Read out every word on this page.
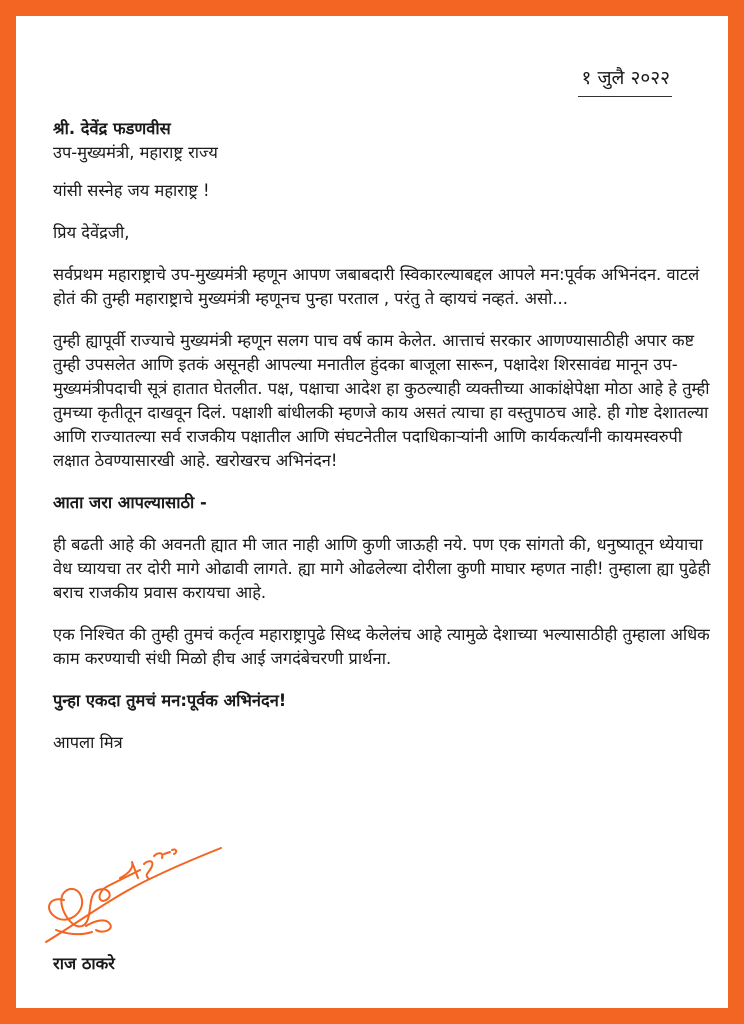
१ जुलै २०२२

श्री. देवेंद्र फडणवीस

उप-मुख्यमंत्री, महाराष्ट्र राज्य

यांसी सस्नेह जय महाराष्ट्र !

प्रिय देवेंद्रजी,

सर्वप्रथम महाराष्ट्राचे उप-मुख्यमंत्री म्हणून आपण जबाबदारी स्विकारल्याबद्दल आपले मन:पूर्वक अभिनंदन. वाटलं होतं की तुम्ही महाराष्ट्राचे मुख्यमंत्री म्हणूनच पुन्हा परताल , परंतु ते व्हायचं नव्हतं. असो...

तुम्ही ह्यापूर्वी राज्याचे मुख्यमंत्री म्हणून सलग पाच वर्ष काम केलेत. आत्ताचं सरकार आणण्यासाठीही अपार कष्ट तुम्ही उपसलेत आणि इतकं असूनही आपल्या मनातील हुंदका बाजूला सारून, पक्षादेश शिरसावंद्य मानून उप-मुख्यमंत्रीपदाची सूत्रं हातात घेतलीत. पक्ष, पक्षाचा आदेश हा कुठल्याही व्यक्तीच्या आकांक्षेपेक्षा मोठा आहे हे तुम्ही तुमच्या कृतीतून दाखवून दिलं. पक्षाशी बांधीलकी म्हणजे काय असतं त्याचा हा वस्तुपाठच आहे. ही गोष्ट देशातल्या आणि राज्यातल्या सर्व राजकीय पक्षातील आणि संघटनेतील पदाधिकाऱ्यांनी आणि कार्यकर्त्यांनी कायमस्वरुपी लक्षात ठेवण्यासारखी आहे. खरोखरच अभिनंदन!

आता जरा आपल्यासाठी -

ही बढती आहे की अवनती ह्यात मी जात नाही आणि कुणी जाऊही नये. पण एक सांगतो की, धनुष्यातून ध्येयाचा वेध घ्यायचा तर दोरी मागे ओढावी लागते. ह्या मागे ओढलेल्या दोरीला कुणी माघार म्हणत नाही! तुम्हाला ह्या पुढेही बराच राजकीय प्रवास करायचा आहे.

एक निश्चित की तुम्ही तुमचं कर्तृत्व महाराष्ट्रापुढे सिध्द केलेलंच आहे त्यामुळे देशाच्या भल्यासाठीही तुम्हाला अधिक काम करण्याची संधी मिळो हीच आई जगदंबेचरणी प्रार्थना.

पुन्हा एकदा तुमचं मन:पूर्वक अभिनंदन!

आपला मित्र

राज ठाकरे
